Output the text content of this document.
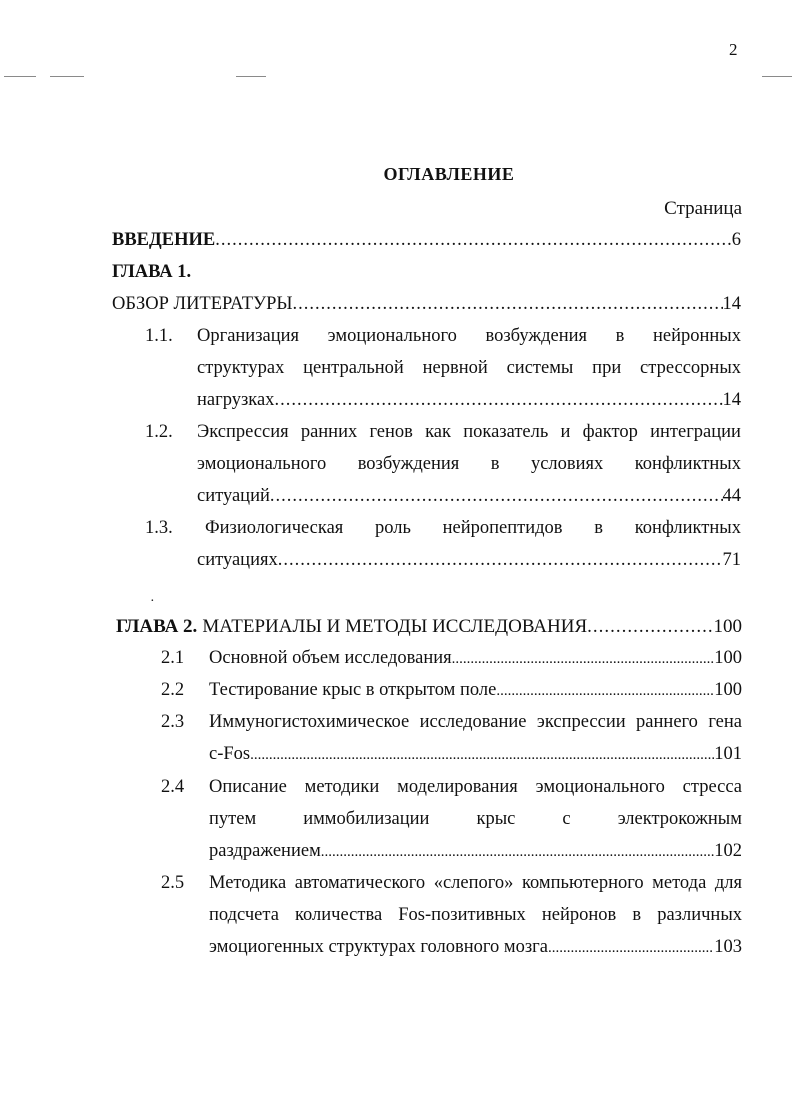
2
ОГЛАВЛЕНИЕ
Страница
ВВЕДЕНИЕ .....	6
ГЛАВА 1.
ОБЗОР ЛИТЕРАТУРЫ .....	14
1.1. Организация эмоционального возбуждения в нейронных
структурах центральной нервной системы при стрессорных
нагрузках .....	14
1.2. Экспрессия ранних генов как показатель и фактор интеграции
эмоционального возбуждения в условиях конфликтных
ситуаций .....	44
1.3. Физиологическая роль нейропептидов в конфликтных
ситуациях .....	71
·
ГЛАВА 2. МАТЕРИАЛЫ И МЕТОДЫ ИССЛЕДОВАНИЯ .....	100
2.1 Основной объем исследования .....	100
2.2 Тестирование крыс в открытом поле .....	100
2.3 Иммуногистохимическое исследование экспрессии раннего гена
c-Fos .....	101
2.4 Описание методики моделирования эмоционального стресса
путем	иммобилизации	крыс	с	электрокожным
раздражением .....	102
2.5 Методика автоматического «слепого» компьютерного метода для
подсчета количества Fos-позитивных нейронов в различных
эмоциогенных структурах головного мозга .....	103
